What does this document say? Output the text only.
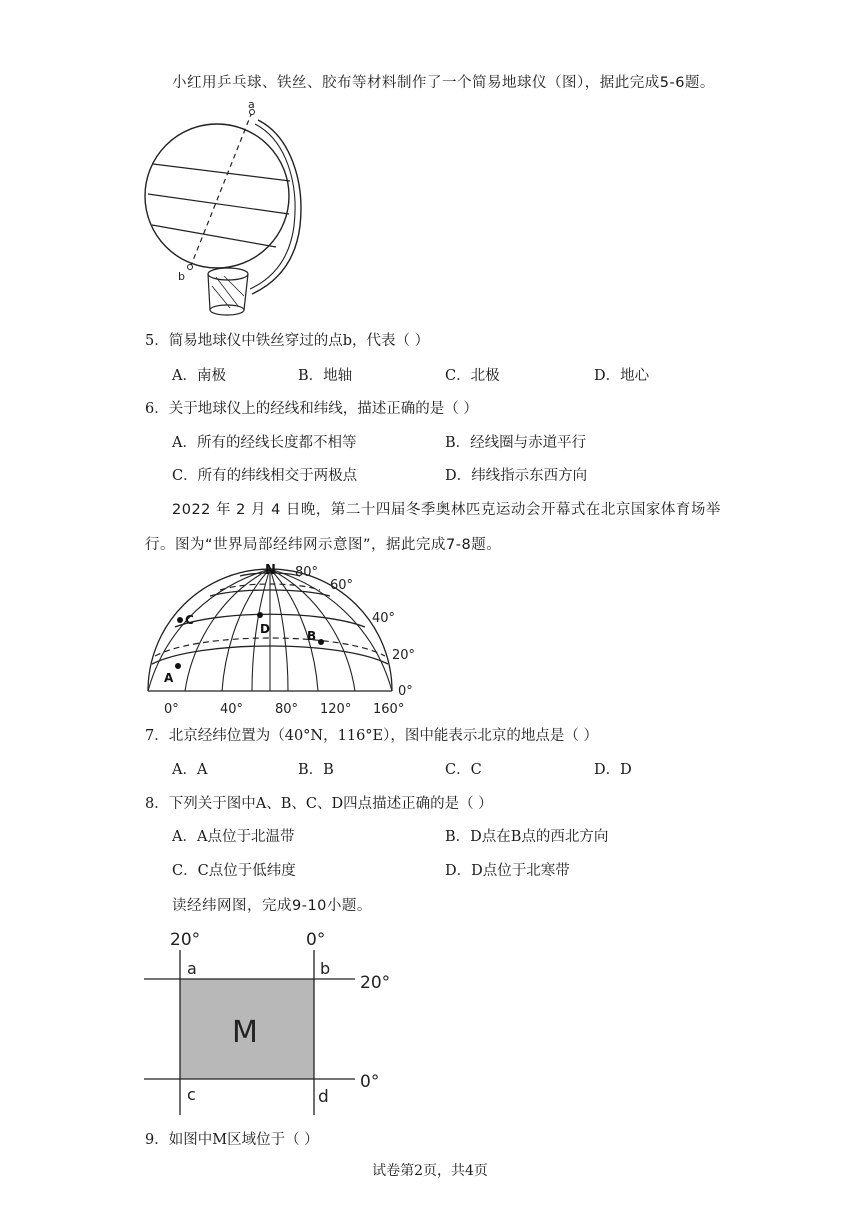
小红用乒乓球、铁丝、胶布等材料制作了一个简易地球仪（图），据此完成5-6题。
a
b
5．简易地球仪中铁丝穿过的点b，代表（ ）
A．南极	B．地轴	C．北极	D．地心
6．关于地球仪上的经线和纬线，描述正确的是（ ）
A．所有的经线长度都不相等	B．经线圈与赤道平行
C．所有的纬线相交于两极点	D．纬线指示东西方向
2022 年 2 月 4 日晚，第二十四届冬季奥林匹克运动会开幕式在北京国家体育场举
行。图为“世界局部经纬网示意图”，据此完成7-8题。
C
D	B
A
N 80°
60°
40°
20°
0°
0°	40° 80° 120° 160°
7．北京经纬位置为（40°N，116°E），图中能表示北京的地点是（ ）
A．A	B．B	C．C	D．D
8．下列关于图中A、B、C、D四点描述正确的是（ ）
A．A点位于北温带	B．D点在B点的西北方向
C．C点位于低纬度	D．D点位于北寒带
读经纬网图，完成9-10小题。
20°	0°
20°
0°
a	b
c	d
M
9．如图中M区域位于（ ）
试卷第2页，共4页
